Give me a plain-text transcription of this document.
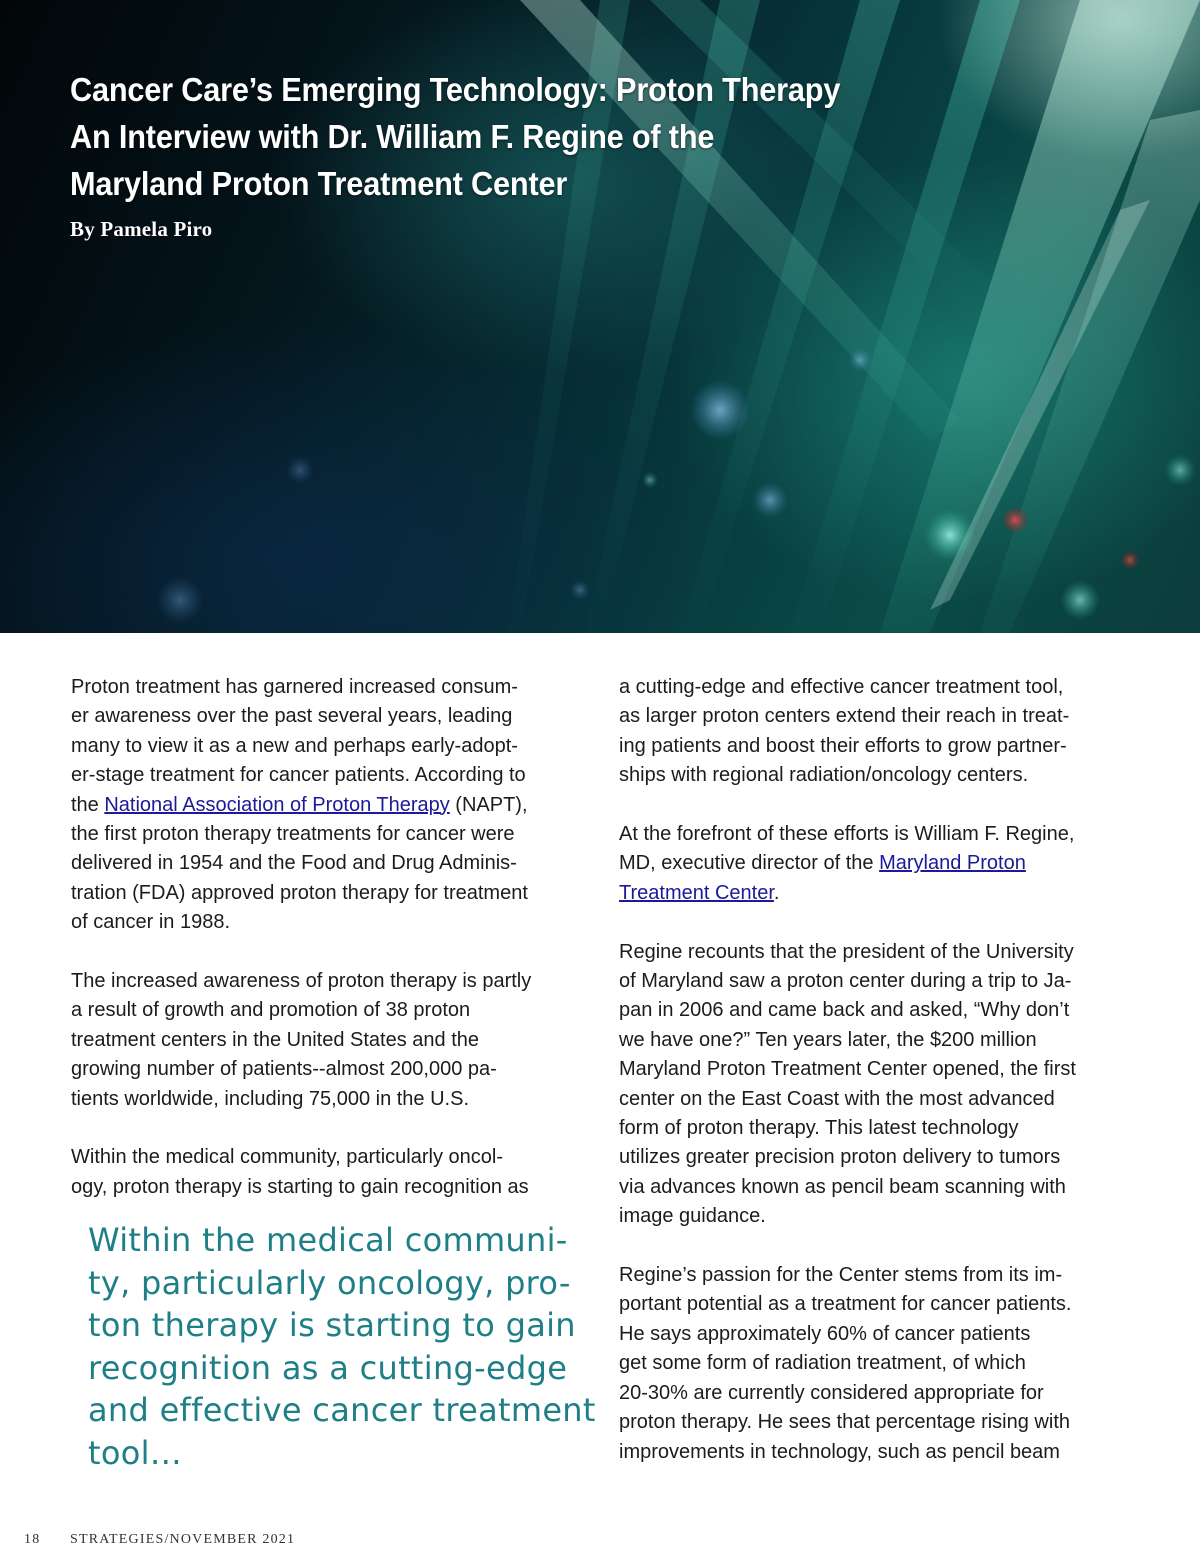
Cancer Care’s Emerging Technology: Proton Therapy
An Interview with Dr. William F. Regine of the
Maryland Proton Treatment Center
By Pamela Piro

Proton treatment has garnered increased consum-
er awareness over the past several years, leading
many to view it as a new and perhaps early-adopt-
er-stage treatment for cancer patients. According to
the National Association of Proton Therapy (NAPT),
the first proton therapy treatments for cancer were
delivered in 1954 and the Food and Drug Adminis-
tration (FDA) approved proton therapy for treatment
of cancer in 1988.

The increased awareness of proton therapy is partly
a result of growth and promotion of 38 proton
treatment centers in the United States and the
growing number of patients--almost 200,000 pa-
tients worldwide, including 75,000 in the U.S.

Within the medical community, particularly oncol-
ogy, proton therapy is starting to gain recognition as

Within the medical communi-
ty, particularly oncology, pro-
ton therapy is starting to gain
recognition as a cutting-edge
and effective cancer treatment
tool…

a cutting-edge and effective cancer treatment tool,
as larger proton centers extend their reach in treat-
ing patients and boost their efforts to grow partner-
ships with regional radiation/oncology centers.

At the forefront of these efforts is William F. Regine,
MD, executive director of the Maryland Proton
Treatment Center.

Regine recounts that the president of the University
of Maryland saw a proton center during a trip to Ja-
pan in 2006 and came back and asked, “Why don’t
we have one?” Ten years later, the $200 million
Maryland Proton Treatment Center opened, the first
center on the East Coast with the most advanced
form of proton therapy. This latest technology
utilizes greater precision proton delivery to tumors
via advances known as pencil beam scanning with
image guidance.

Regine’s passion for the Center stems from its im-
portant potential as a treatment for cancer patients.
He says approximately 60% of cancer patients
get some form of radiation treatment, of which
20-30% are currently considered appropriate for
proton therapy. He sees that percentage rising with
improvements in technology, such as pencil beam

18 STRATEGIES/NOVEMBER 2021
